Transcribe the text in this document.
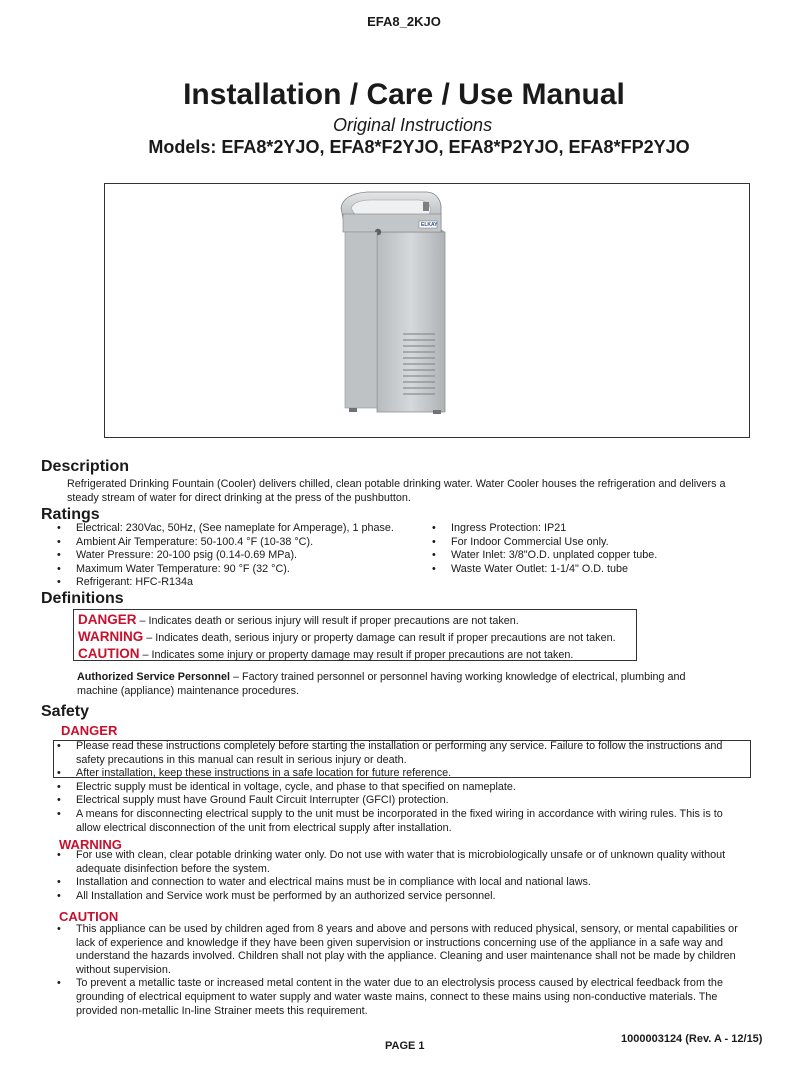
EFA8_2KJO
Installation / Care / Use Manual
Original Instructions
Models: EFA8*2YJO, EFA8*F2YJO, EFA8*P2YJO, EFA8*FP2YJO
ELKAY
Description
Refrigerated Drinking Fountain (Cooler) delivers chilled, clean potable drinking water. Water Cooler houses the refrigeration and delivers a
steady stream of water for direct drinking at the press of the pushbutton.
Ratings
• Electrical: 230Vac, 50Hz, (See nameplate for Amperage), 1 phase.
• Ambient Air Temperature: 50-100.4 °F (10-38 °C).
• Water Pressure: 20-100 psig (0.14-0.69 MPa).
• Maximum Water Temperature: 90 °F (32 °C).
• Refrigerant: HFC-R134a
• Ingress Protection: IP21
• For Indoor Commercial Use only.
• Water Inlet: 3/8"O.D. unplated copper tube.
• Waste Water Outlet: 1-1/4" O.D. tube
Definitions
DANGER – Indicates death or serious injury will result if proper precautions are not taken.
WARNING – Indicates death, serious injury or property damage can result if proper precautions are not taken.
CAUTION – Indicates some injury or property damage may result if proper precautions are not taken.
Authorized Service Personnel – Factory trained personnel or personnel having working knowledge of electrical, plumbing and
machine (appliance) maintenance procedures.
Safety
DANGER
• Please read these instructions completely before starting the installation or performing any service. Failure to follow the instructions and
safety precautions in this manual can result in serious injury or death.
• After installation, keep these instructions in a safe location for future reference.
• Electric supply must be identical in voltage, cycle, and phase to that specified on nameplate.
• Electrical supply must have Ground Fault Circuit Interrupter (GFCI) protection.
• A means for disconnecting electrical supply to the unit must be incorporated in the fixed wiring in accordance with wiring rules. This is to
allow electrical disconnection of the unit from electrical supply after installation.
WARNING
• For use with clean, clear potable drinking water only. Do not use with water that is microbiologically unsafe or of unknown quality without
adequate disinfection before the system.
• Installation and connection to water and electrical mains must be in compliance with local and national laws.
• All Installation and Service work must be performed by an authorized service personnel.
CAUTION
• This appliance can be used by children aged from 8 years and above and persons with reduced physical, sensory, or mental capabilities or
lack of experience and knowledge if they have been given supervision or instructions concerning use of the appliance in a safe way and
understand the hazards involved. Children shall not play with the appliance. Cleaning and user maintenance shall not be made by children
without supervision.
• To prevent a metallic taste or increased metal content in the water due to an electrolysis process caused by electrical feedback from the
grounding of electrical equipment to water supply and water waste mains, connect to these mains using non-conductive materials. The
provided non-metallic In-line Strainer meets this requirement.
PAGE 1
1000003124 (Rev. A - 12/15)
